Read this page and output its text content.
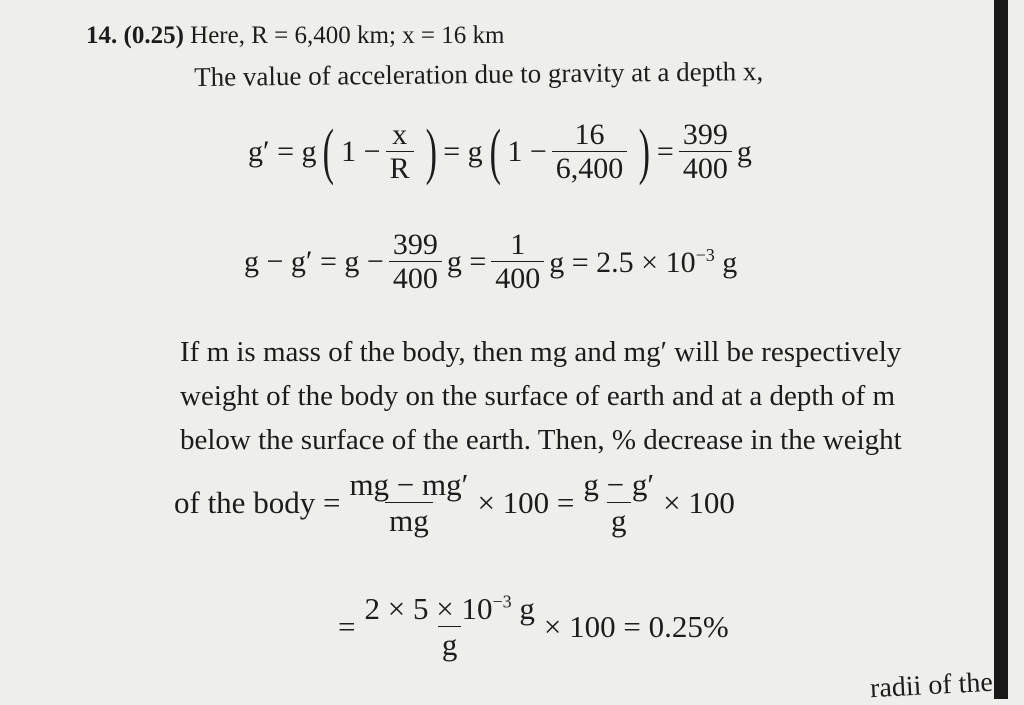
14. (0.25) Here, R = 6,400 km; x = 16 km
The value of acceleration due to gravity at a depth x,
g′ = g ( $1 - \frac{x}{R}$ ) = g ( $1 - \frac{16}{6,400}$ ) = $\frac{399}{400}$ g
$g - g' = g - \frac{399}{400}$ $g = \frac{1}{400}$ $g = 2.5 \times 10^{-3}$ g
If m is mass of the body, then mg and mg′ will be respectively
weight of the body on the surface of earth and at a depth of m
below the surface of the earth. Then, % decrease in the weight
of the body = $\frac{mg - mg'}{mg} \times 100 = \frac{g - g'}{g} \times 100$
= $\frac{2 \times 5 \times 10^{-3} g}{g} \times 100 = 0.25\%$
radii of the
